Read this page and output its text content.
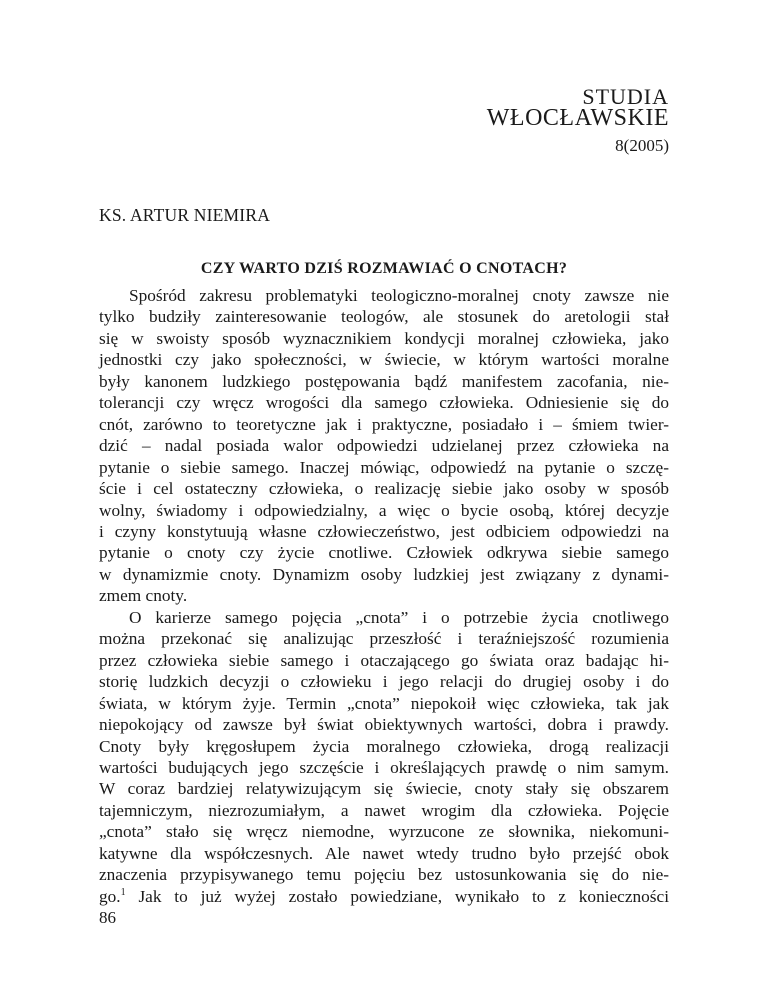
STUDIA
WŁOCŁAWSKIE
8(2005)
KS. ARTUR NIEMIRA
CZY WARTO DZIŚ ROZMAWIAĆ O CNOTACH?

Spośród zakresu problematyki teologiczno-moralnej cnoty zawsze nie
tylko budziły zainteresowanie teologów, ale stosunek do aretologii stał
się w swoisty sposób wyznacznikiem kondycji moralnej człowieka, jako
jednostki czy jako społeczności, w świecie, w którym wartości moralne
były kanonem ludzkiego postępowania bądź manifestem zacofania, nie-
tolerancji czy wręcz wrogości dla samego człowieka. Odniesienie się do
cnót, zarówno to teoretyczne jak i praktyczne, posiadało i – śmiem twier-
dzić – nadal posiada walor odpowiedzi udzielanej przez człowieka na
pytanie o siebie samego. Inaczej mówiąc, odpowiedź na pytanie o szczę-
ście i cel ostateczny człowieka, o realizację siebie jako osoby w sposób
wolny, świadomy i odpowiedzialny, a więc o bycie osobą, której decyzje
i czyny konstytuują własne człowieczeństwo, jest odbiciem odpowiedzi na
pytanie o cnoty czy życie cnotliwe. Człowiek odkrywa siebie samego
w dynamizmie cnoty. Dynamizm osoby ludzkiej jest związany z dynami-
zmem cnoty.

O karierze samego pojęcia „cnota” i o potrzebie życia cnotliwego
można przekonać się analizując przeszłość i teraźniejszość rozumienia
przez człowieka siebie samego i otaczającego go świata oraz badając hi-
storię ludzkich decyzji o człowieku i jego relacji do drugiej osoby i do
świata, w którym żyje. Termin „cnota” niepokoił więc człowieka, tak jak
niepokojący od zawsze był świat obiektywnych wartości, dobra i prawdy.
Cnoty były kręgosłupem życia moralnego człowieka, drogą realizacji
wartości budujących jego szczęście i określających prawdę o nim samym.
W coraz bardziej relatywizującym się świecie, cnoty stały się obszarem
tajemniczym, niezrozumiałym, a nawet wrogim dla człowieka. Pojęcie
„cnota” stało się wręcz niemodne, wyrzucone ze słownika, niekomuni-
katywne dla współczesnych. Ale nawet wtedy trudno było przejść obok
znaczenia przypisywanego temu pojęciu bez ustosunkowania się do nie-
go.$^1$ Jak to już wyżej zostało powiedziane, wynikało to z konieczności

86
